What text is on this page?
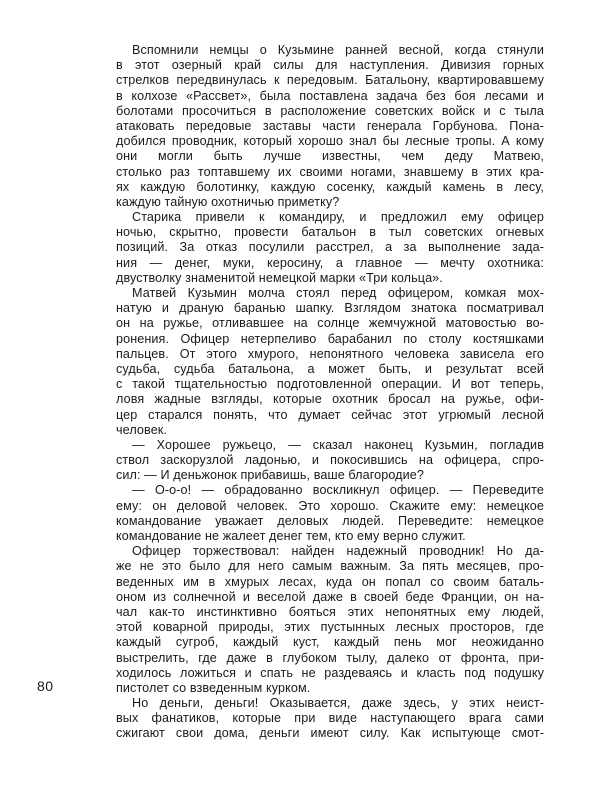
Вспомнили немцы о Кузьмине ранней весной, когда стянули
в этот озерный край силы для наступления. Дивизия горных
стрелков передвинулась к передовым. Батальону, квартировавшему
в колхозе «Рассвет», была поставлена задача без боя лесами и
болотами просочиться в расположение советских войск и с тыла
атаковать передовые заставы части генерала Горбунова. Пона-
добился проводник, который хорошо знал бы лесные тропы. А кому
они могли быть лучше известны, чем деду Матвею,
столько раз топтавшему их своими ногами, знавшему в этих кра-
ях каждую болотинку, каждую сосенку, каждый камень в лесу,
каждую тайную охотничью приметку?
Старика привели к командиру, и предложил ему офицер
ночью, скрытно, провести батальон в тыл советских огневых
позиций. За отказ посулили расстрел, а за выполнение зада-
ния — денег, муки, керосину, а главное — мечту охотника:
двустволку знаменитой немецкой марки «Три кольца».
Матвей Кузьмин молча стоял перед офицером, комкая мох-
натую и драную баранью шапку. Взглядом знатока посматривал
он на ружье, отливавшее на солнце жемчужной матовостью во-
ронения. Офицер нетерпеливо барабанил по столу костяшками
пальцев. От этого хмурого, непонятного человека зависела его
судьба, судьба батальона, а может быть, и результат всей
с такой тщательностью подготовленной операции. И вот теперь,
ловя жадные взгляды, которые охотник бросал на ружье, офи-
цер старался понять, что думает сейчас этот угрюмый лесной
человек.
— Хорошее ружьецо, — сказал наконец Кузьмин, погладив
ствол заскорузлой ладонью, и покосившись на офицера, спро-
сил: — И деньжонок прибавишь, ваше благородие?
— О-о-о! — обрадованно воскликнул офицер. — Переведите
ему: он деловой человек. Это хорошо. Скажите ему: немецкое
командование уважает деловых людей. Переведите: немецкое
командование не жалеет денег тем, кто ему верно служит.
Офицер торжествовал: найден надежный проводник! Но да-
же не это было для него самым важным. За пять месяцев, про-
веденных им в хмурых лесах, куда он попал со своим баталь-
оном из солнечной и веселой даже в своей беде Франции, он на-
чал как-то инстинктивно бояться этих непонятных ему людей,
этой коварной природы, этих пустынных лесных просторов, где
каждый сугроб, каждый куст, каждый пень мог неожиданно
выстрелить, где даже в глубоком тылу, далеко от фронта, при-
ходилось ложиться и спать не раздеваясь и класть под подушку
пистолет со взведенным курком.
Но деньги, деньги! Оказывается, даже здесь, у этих неист-
вых фанатиков, которые при виде наступающего врага сами
сжигают свои дома, деньги имеют силу. Как испытующе смот-
80
